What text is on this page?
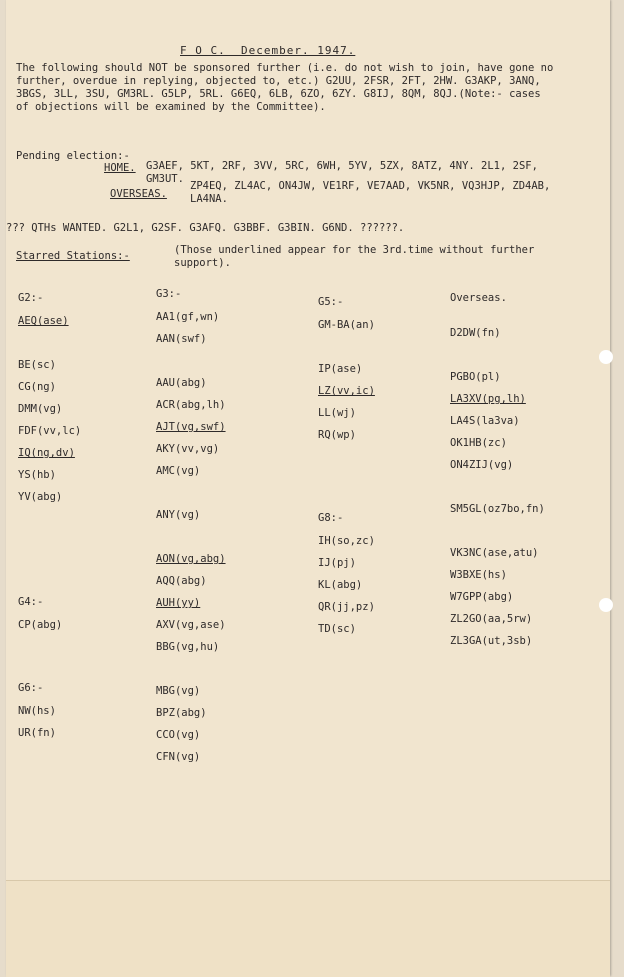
F O C.  December. 1947.
The following should NOT be sponsored further (i.e. do not wish to join, have gone no further, overdue in replying, objected to, etc.) G2UU, 2FSR, 2FT, 2HW. G3AKP, 3ANQ, 3BGS, 3LL, 3SU, GM3RL. G5LP, 5RL. G6EQ, 6LB, 6ZO, 6ZY. G8IJ, 8QM, 8QJ.(Note:- cases of objections will be examined by the Committee).
Pending election:-
HOME. G3AEF, 5KT, 2RF, 3VV, 5RC, 6WH, 5YV, 5ZX, 8ATZ, 4NY. 2L1, 2SF, GM3UT.
OVERSEAS.
ZP4EQ, ZL4AC, ON4JW, VE1RF, VE7AAD, VK5NR, VQ3HJP, ZD4AB, LA4NA.
??? QTHs WANTED. G2L1, G2SF. G3AFQ. G3BBF. G3BIN. G6ND. ??????.
Starred Stations:-	(Those underlined appear for the 3rd.time without further support).
G2:-
AEQ(ase)
BE(sc)
CG(ng)
DMM(vg)
FDF(vv,lc)
IQ(ng,dv)
YS(hb)
YV(abg)
G4:-
CP(abg)
G6:-
NW(hs)
UR(fn)
G3:-
AA1(gf,wn)
AAN(swf)
AAU(abg)
ACR(abg,lh)
AJT(vg,swf)
AKY(vv,vg)
AMC(vg)
ANY(vg)
AON(vg,abg)
AQQ(abg)
AUH(yy)
AXV(vg,ase)
BBG(vg,hu)
MBG(vg)
BPZ(abg)
CCO(vg)
CFN(vg)
G5:-
GM-BA(an)
IP(ase)
LZ(vv,ic)
LL(wj)
RQ(wp)
G8:-
IH(so,zc)
IJ(pj)
KL(abg)
QR(jj,pz)
TD(sc)
Overseas.
D2DW(fn)
PGBO(pl)
LA3XV(pg,lh)
LA4S(la3va)
OK1HB(zc)
ON4ZIJ(vg)
SM5GL(oz7bo,fn)
VK3NC(ase,atu)
W3BXE(hs)
W7GPP(abg)
ZL2GO(aa,5rw)
ZL3GA(ut,3sb)
